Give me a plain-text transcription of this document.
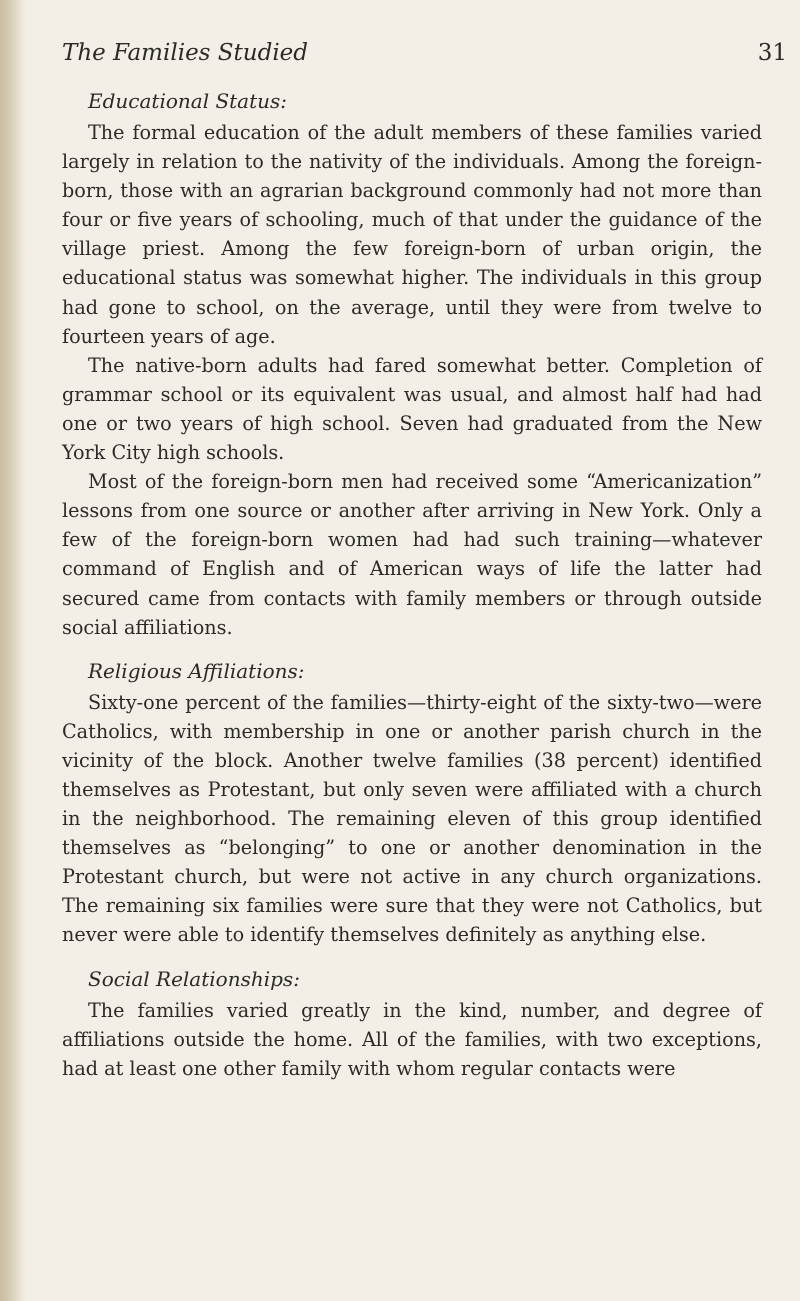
The Families Studied	31
Educational Status:

The formal education of the adult members of these families varied largely in relation to the nativity of the individuals. Among the foreign-born, those with an agrarian background commonly had not more than four or five years of schooling, much of that under the guidance of the village priest. Among the few foreign-born of urban origin, the educational status was somewhat higher. The individuals in this group had gone to school, on the average, until they were from twelve to fourteen years of age.

The native-born adults had fared somewhat better. Completion of grammar school or its equivalent was usual, and almost half had had one or two years of high school. Seven had graduated from the New York City high schools.

Most of the foreign-born men had received some “Americanization” lessons from one source or another after arriving in New York. Only a few of the foreign-born women had had such training—whatever command of English and of American ways of life the latter had secured came from contacts with family members or through outside social affiliations.

Religious Affiliations:

Sixty-one percent of the families—thirty-eight of the sixty-two—were Catholics, with membership in one or another parish church in the vicinity of the block. Another twelve families (38 percent) identified themselves as Protestant, but only seven were affiliated with a church in the neighborhood. The remaining eleven of this group identified themselves as “belonging” to one or another denomination in the Protestant church, but were not active in any church organizations. The remaining six families were sure that they were not Catholics, but never were able to identify themselves definitely as anything else.

Social Relationships:

The families varied greatly in the kind, number, and degree of affiliations outside the home. All of the families, with two exceptions, had at least one other family with whom regular contacts were
